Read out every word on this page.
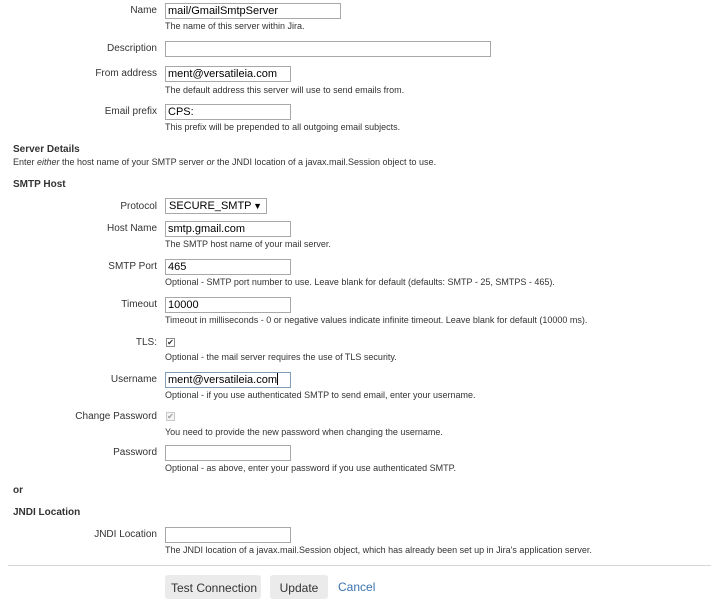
Name mail/GmailSmtpServer
The name of this server within Jira.
Description
From address ment@versatileia.com
The default address this server will use to send emails from.
Email prefix CPS:
This prefix will be prepended to all outgoing email subjects.
Server Details
Enter either the host name of your SMTP server or the JNDI location of a javax.mail.Session object to use.
SMTP Host
Protocol	SECURE_SMTP ▼
Host Name smtp.gmail.com
The SMTP host name of your mail server.
SMTP Port 465
Optional - SMTP port number to use. Leave blank for default (defaults: SMTP - 25, SMTPS - 465).
Timeout 10000
Timeout in milliseconds - 0 or negative values indicate infinite timeout. Leave blank for default (10000 ms).
TLS: ✔
Optional - the mail server requires the use of TLS security.
Username ment@versatileia.com
Optional - if you use authenticated SMTP to send email, enter your username.
Change Password ✔
You need to provide the new password when changing the username.
Password
Optional - as above, enter your password if you use authenticated SMTP.
or
JNDI Location
JNDI Location
The JNDI location of a javax.mail.Session object, which has already been set up in Jira's application server.
Test Connection	Update	Cancel
